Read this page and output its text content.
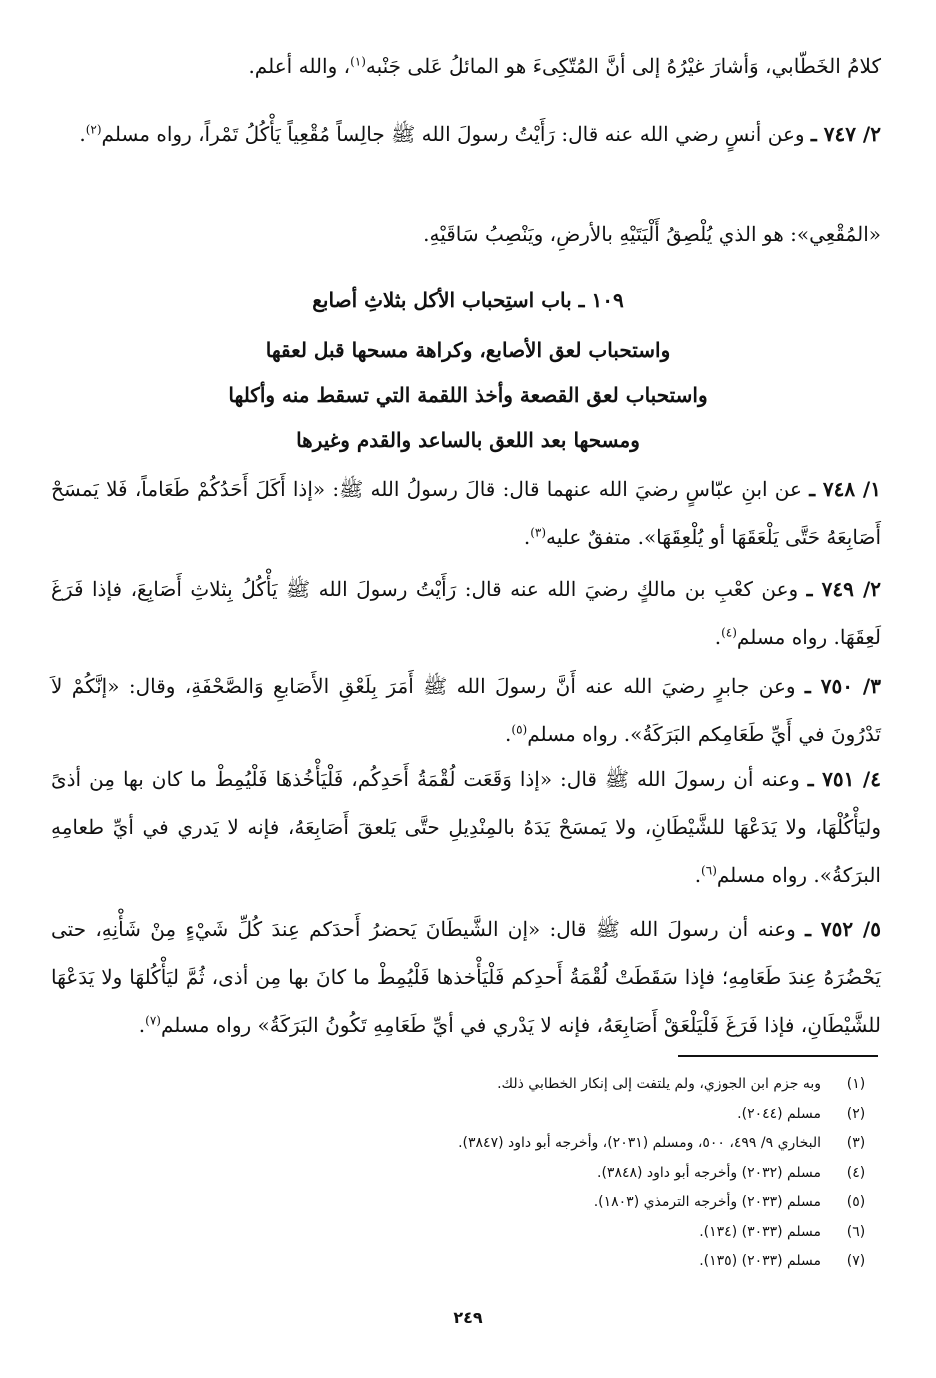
كلامُ الخَطّابي، وَأشارَ غيْرُهُ إلى أنَّ المُتّكِىءَ هو المائلُ عَلى جَنْبه$^{(١)}$، والله أعلم.
٢/ ٧٤٧ ـ وعن أنسٍ رضي الله عنه قال: رَأَيْتُ رسولَ الله ﷺ جالِساً مُقْعِياً يَأْكُلُ تَمْراً، رواه مسلم$^{(٢)}$.
«المُقْعِي»: هو الذي يُلْصِقُ أَلْيَتَيْهِ بالأرضِ، ويَنْصِبُ سَاقَيْهِ.
١٠٩ ـ باب استِحباب الأكل بثلاثِ أصابع
واستحباب لعق الأصابع، وكراهة مسحها قبل لعقها
واستحباب لعق القصعة وأخذ اللقمة التي تسقط منه وأكلها
ومسحها بعد اللعق بالساعد والقدم وغيرها
١/ ٧٤٨ ـ عن ابنِ عبّاسٍ رضيَ الله عنهما قال: قالَ رسولُ الله ﷺ: «إذا أَكَلَ أَحَدُكُمْ طَعَاماً، فَلا يَمسَحْ أَصَابِعَهُ حَتَّى يَلْعَقَهَا أو يُلْعِقَهَا». متفقٌ عليه$^{(٣)}$.
٢/ ٧٤٩ ـ وعن كعْبِ بن مالكٍ رضيَ الله عنه قال: رَأَيْتُ رسولَ الله ﷺ يَأْكُلُ بِثلاثِ أَصَابِعَ، فإذا فَرَغَ لَعِقَهَا. رواه مسلم$^{(٤)}$.
٣/ ٧٥٠ ـ وعن جابرٍ رضيَ الله عنه أَنَّ رسولَ الله ﷺ أَمَرَ بِلَعْقِ الأَصَابعِ وَالصَّحْفَةِ، وقال: «إنَّكُمْ لاَ تَدْرُونَ في أَيِّ طَعَامِكم البَرَكَةُ». رواه مسلم$^{(٥)}$.
٤/ ٧٥١ ـ وعنه أن رسولَ الله ﷺ قال: «إذا وَقَعَت لُقْمَةُ أَحَدِكُم، فَلْيَأْخُذهَا فَلْيُمِطْ ما كان بها مِن أذىً وليَأْكُلْهَا، ولا يَدَعْهَا للشَّيْطَانِ، ولا يَمسَحْ يَدَهُ بالمِنْدِيلِ حتَّى يَلعقَ أَصَابِعَهُ، فإنه لا يَدري في أيِّ طعامِهِ البرَكةُ». رواه مسلم$^{(٦)}$.
٥/ ٧٥٢ ـ وعنه أن رسولَ الله ﷺ قال: «إن الشَّيطَانَ يَحضرُ أَحدَكم عِندَ كُلِّ شَيْءٍ مِنْ شَأْنِهِ، حتى يَحْضُرَهُ عِندَ طَعَامِهِ؛ فإذا سَقَطَتْ لُقْمَةُ أَحدِكم فَلْيَأْخذها فَلْيُمِطْ ما كانَ بها مِن أذى، ثُمَّ ليَأْكُلهَا ولا يَدَعْهَا للشَّيْطَانِ، فإذا فَرَغَ فَلْيَلْعَقْ أَصَابِعَهُ، فإنه لا يَدْري في أيِّ طَعَامِهِ تَكُونُ البَرَكَةُ» رواه مسلم$^{(٧)}$.
(١)
وبه جزم ابن الجوزي، ولم يلتفت إلى إنكار الخطابي ذلك.
(٢)
مسلم (٢٠٤٤).
(٣)
البخاري ٩/ ٤٩٩، ٥٠٠، ومسلم (٢٠٣١)، وأخرجه أبو داود (٣٨٤٧).
(٤)
مسلم (٢٠٣٢) وأخرجه أبو داود (٣٨٤٨).
(٥)
مسلم (٢٠٣٣) وأخرجه الترمذي (١٨٠٣).
(٦)
مسلم (٣٠٣٣) (١٣٤).
(٧)
مسلم (٢٠٣٣) (١٣٥).
٢٤٩
